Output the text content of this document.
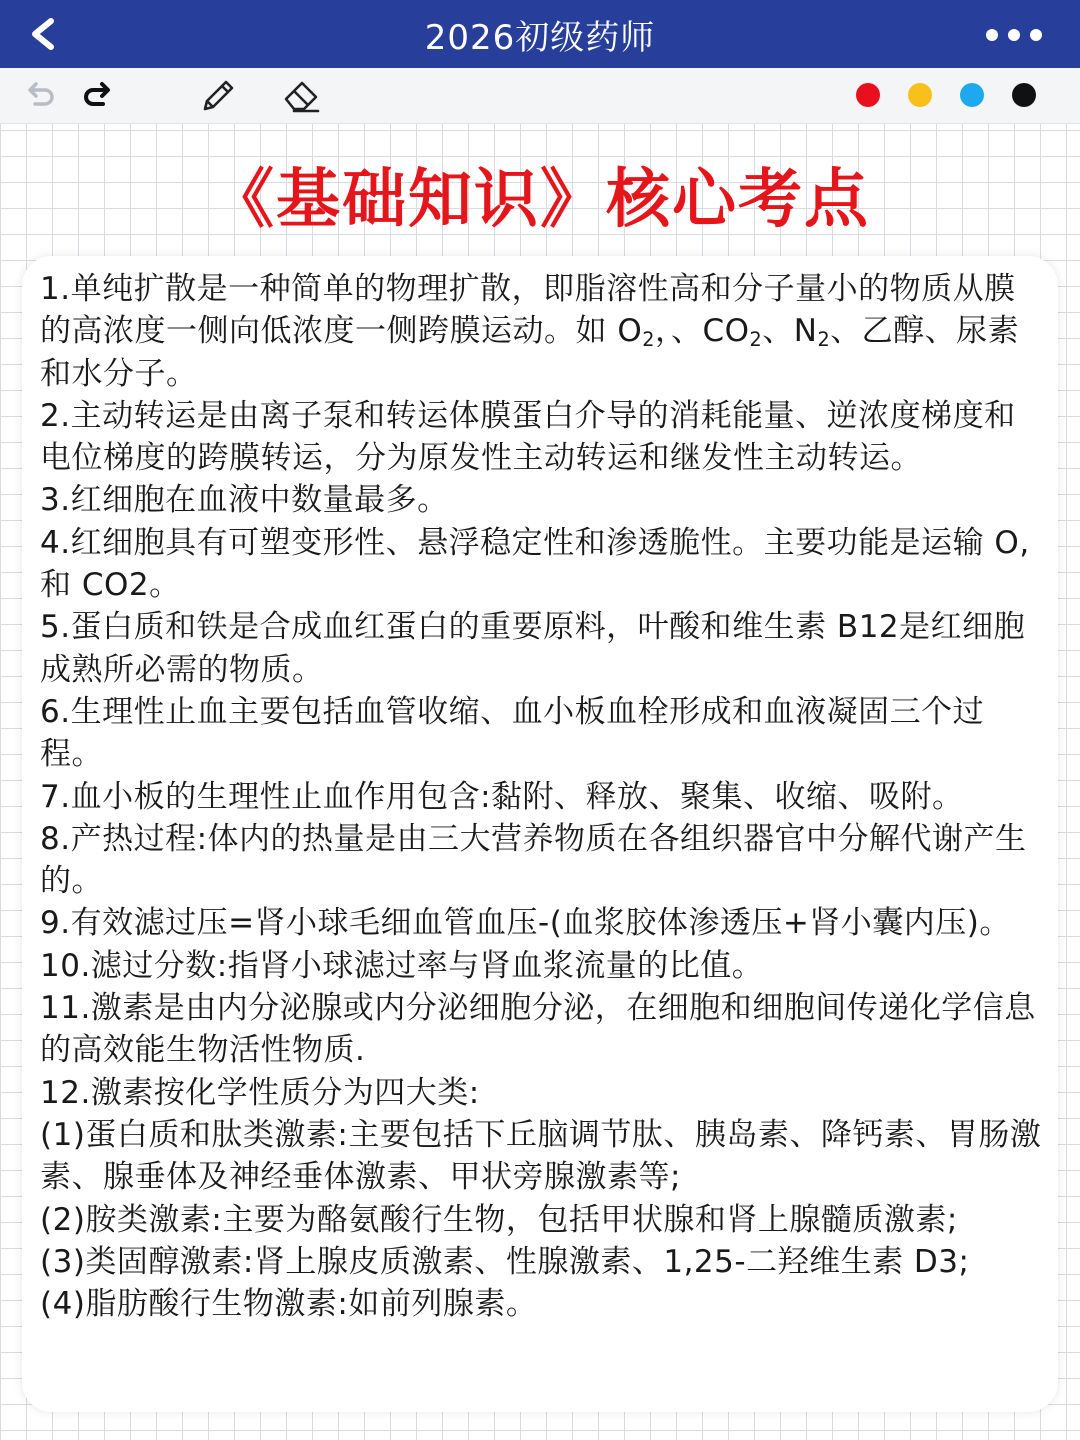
2026初级药师
《基础知识》核心考点

1.单纯扩散是一种简单的物理扩散，即脂溶性高和分子量小的物质从膜的高浓度一侧向低浓度一侧跨膜运动。如 $O_2$，、$CO_2$、$N_2$、乙醇、尿素和水分子。

2.主动转运是由离子泵和转运体膜蛋白介导的消耗能量、逆浓度梯度和电位梯度的跨膜转运，分为原发性主动转运和继发性主动转运。

3.红细胞在血液中数量最多。

4.红细胞具有可塑变形性、悬浮稳定性和渗透脆性。主要功能是运输 O,和 CO2。

5.蛋白质和铁是合成血红蛋白的重要原料，叶酸和维生素 B12是红细胞成熟所必需的物质。

6.生理性止血主要包括血管收缩、血小板血栓形成和血液凝固三个过程。

7.血小板的生理性止血作用包含:黏附、释放、聚集、收缩、吸附。

8.产热过程:体内的热量是由三大营养物质在各组织器官中分解代谢产生的。

9.有效滤过压=肾小球毛细血管血压-(血浆胶体渗透压+肾小囊内压)。

10.滤过分数:指肾小球滤过率与肾血浆流量的比值。

11.激素是由内分泌腺或内分泌细胞分泌，在细胞和细胞间传递化学信息的高效能生物活性物质.

12.激素按化学性质分为四大类:

(1)蛋白质和肽类激素:主要包括下丘脑调节肽、胰岛素、降钙素、胃肠激素、腺垂体及神经垂体激素、甲状旁腺激素等;

(2)胺类激素:主要为酪氨酸行生物，包括甲状腺和肾上腺髓质激素;

(3)类固醇激素:肾上腺皮质激素、性腺激素、1,25-二羟维生素 D3;

(4)脂肪酸行生物激素:如前列腺素。
